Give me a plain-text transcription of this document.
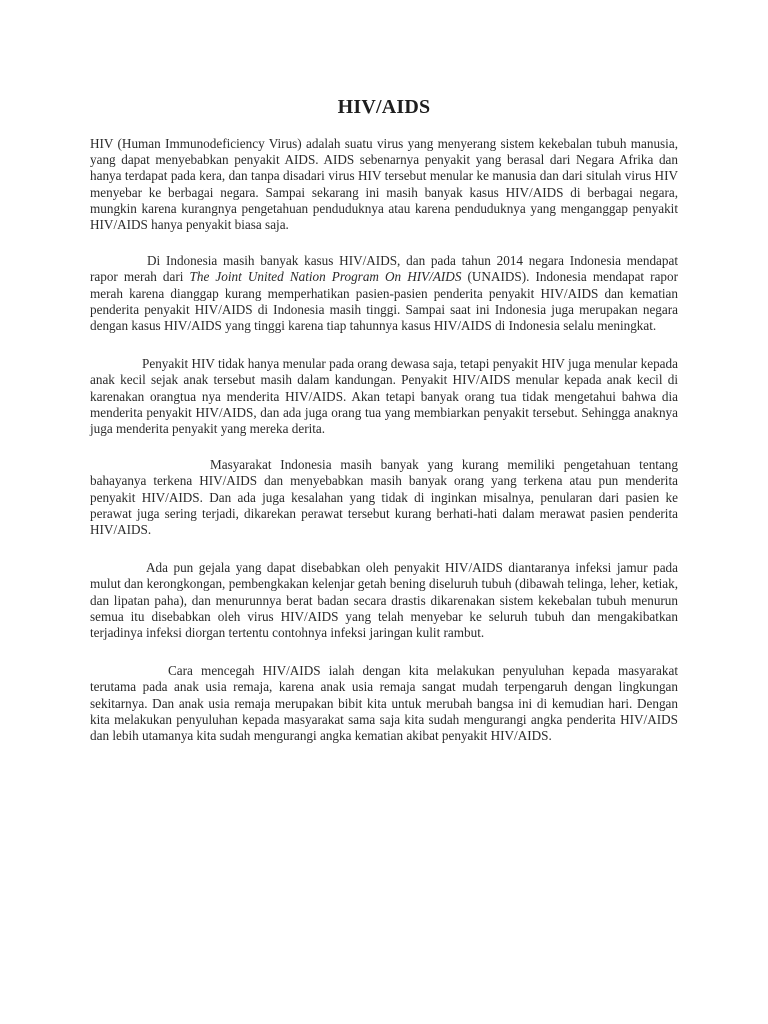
HIV/AIDS

HIV (Human Immunodeficiency Virus) adalah suatu virus yang menyerang sistem kekebalan tubuh manusia, yang dapat menyebabkan penyakit AIDS. AIDS sebenarnya penyakit yang berasal dari Negara Afrika dan hanya terdapat pada kera, dan tanpa disadari virus HIV tersebut menular ke manusia dan dari situlah virus HIV menyebar ke berbagai negara. Sampai sekarang ini masih banyak kasus HIV/AIDS di berbagai negara, mungkin karena kurangnya pengetahuan penduduknya atau karena penduduknya yang menganggap penyakit HIV/AIDS hanya penyakit biasa saja.

Di Indonesia masih banyak kasus HIV/AIDS, dan pada tahun 2014 negara Indonesia mendapat rapor merah dari The Joint United Nation Program On HIV/AIDS (UNAIDS). Indonesia mendapat rapor merah karena dianggap kurang memperhatikan pasien-pasien penderita penyakit HIV/AIDS dan kematian penderita penyakit HIV/AIDS di Indonesia masih tinggi. Sampai saat ini Indonesia juga merupakan negara dengan kasus HIV/AIDS yang tinggi karena tiap tahunnya kasus HIV/AIDS di Indonesia selalu meningkat.

Penyakit HIV tidak hanya menular pada orang dewasa saja, tetapi penyakit HIV juga menular kepada anak kecil sejak anak tersebut masih dalam kandungan. Penyakit HIV/AIDS menular kepada anak kecil di karenakan orangtua nya menderita HIV/AIDS. Akan tetapi banyak orang tua tidak mengetahui bahwa dia menderita penyakit HIV/AIDS, dan ada juga orang tua yang membiarkan penyakit tersebut. Sehingga anaknya juga menderita penyakit yang mereka derita.

Masyarakat Indonesia masih banyak yang kurang memiliki pengetahuan tentang bahayanya terkena HIV/AIDS dan menyebabkan masih banyak orang yang terkena atau pun menderita penyakit HIV/AIDS. Dan ada juga kesalahan yang tidak di inginkan misalnya, penularan dari pasien ke perawat juga sering terjadi, dikarekan perawat tersebut kurang berhati-hati dalam merawat pasien penderita HIV/AIDS.

Ada pun gejala yang dapat disebabkan oleh penyakit HIV/AIDS diantaranya infeksi jamur pada mulut dan kerongkongan, pembengkakan kelenjar getah bening diseluruh tubuh (dibawah telinga, leher, ketiak, dan lipatan paha), dan menurunnya berat badan secara drastis dikarenakan sistem kekebalan tubuh menurun semua itu disebabkan oleh virus HIV/AIDS yang telah menyebar ke seluruh tubuh dan mengakibatkan terjadinya infeksi diorgan tertentu contohnya infeksi jaringan kulit rambut.

Cara mencegah HIV/AIDS ialah dengan kita melakukan penyuluhan kepada masyarakat terutama pada anak usia remaja, karena anak usia remaja sangat mudah terpengaruh dengan lingkungan sekitarnya. Dan anak usia remaja merupakan bibit kita untuk merubah bangsa ini di kemudian hari. Dengan kita melakukan penyuluhan kepada masyarakat sama saja kita sudah mengurangi angka penderita HIV/AIDS dan lebih utamanya kita sudah mengurangi angka kematian akibat penyakit HIV/AIDS.
